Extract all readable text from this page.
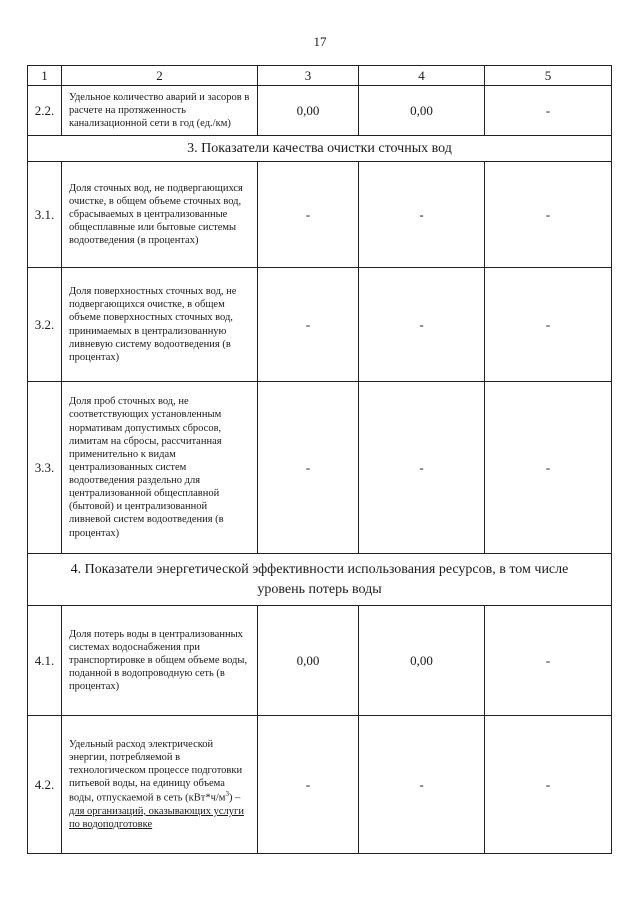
17
1	2	3	4	5
2.2.	Удельное количество аварий и засоров в расчете на протяженность канализационной сети в год (ед./км)	0,00	0,00	-
3. Показатели качества очистки сточных вод				
3.1.	Доля сточных вод, не подвергающихся очистке, в общем объеме сточных вод, сбрасываемых в централизованные общесплавные или бытовые системы водоотведения (в процентах)	-	-	-
3.2.	Доля поверхностных сточных вод, не подвергающихся очистке, в общем объеме поверхностных сточных вод, принимаемых в централизованную ливневую систему водоотведения (в процентах)	-	-	-
3.3.	Доля проб сточных вод, не соответствующих установленным нормативам допустимых сбросов, лимитам на сбросы, рассчитанная применительно к видам централизованных систем водоотведения раздельно для централизованной общесплавной (бытовой) и централизованной ливневой систем водоотведения (в процентах)	-	-	-
4. Показатели энергетической эффективности использования ресурсов, в том числе уровень потерь воды				
4.1.	Доля потерь воды в централизованных системах водоснабжения при транспортировке в общем объеме воды, поданной в водопроводную сеть (в процентах)	0,00	0,00	-
4.2.	Удельный расход электрической энергии, потребляемой в технологическом процессе подготовки питьевой воды, на единицу объема воды, отпускаемой в сеть $(кВт*ч/м^3)$ – для организаций, оказывающих услуги по водоподготовке	-	-	-
